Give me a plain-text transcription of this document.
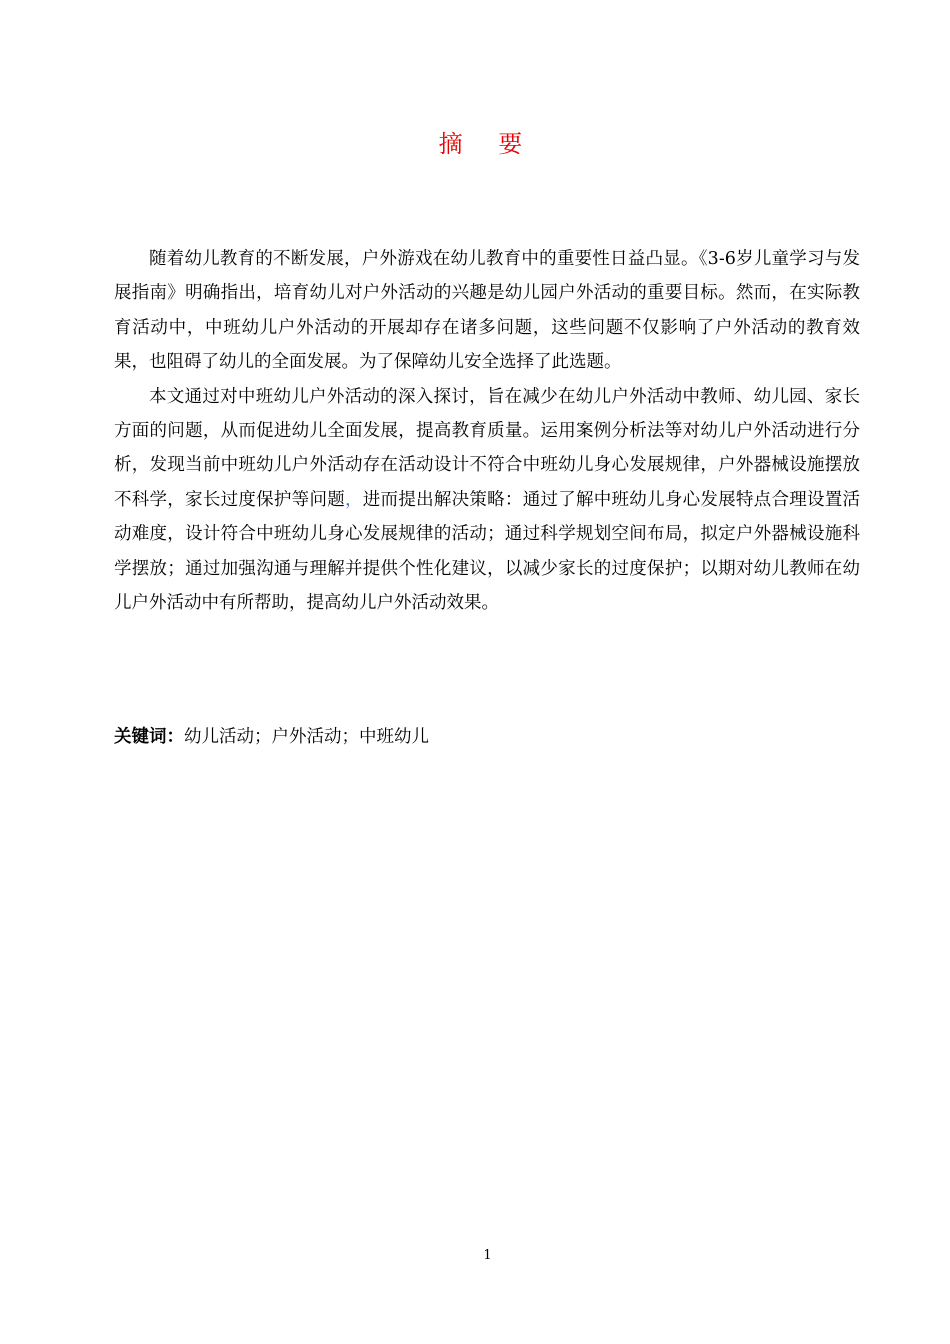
摘 要

随着幼儿教育的不断发展，户外游戏在幼儿教育中的重要性日益凸显。《3-6岁儿童学习与发展指南》明确指出，培育幼儿对户外活动的兴趣是幼儿园户外活动的重要目标。然而，在实际教育活动中，中班幼儿户外活动的开展却存在诸多问题，这些问题不仅影响了户外活动的教育效果，也阻碍了幼儿的全面发展。为了保障幼儿安全选择了此选题。

本文通过对中班幼儿户外活动的深入探讨，旨在减少在幼儿户外活动中教师、幼儿园、家长方面的问题，从而促进幼儿全面发展，提高教育质量。运用案例分析法等对幼儿户外活动进行分析，发现当前中班幼儿户外活动存在活动设计不符合中班幼儿身心发展规律，户外器械设施摆放不科学，家长过度保护等问题，进而提出解决策略：通过了解中班幼儿身心发展特点合理设置活动难度，设计符合中班幼儿身心发展规律的活动；通过科学规划空间布局，拟定户外器械设施科学摆放；通过加强沟通与理解并提供个性化建议，以减少家长的过度保护；以期对幼儿教师在幼儿户外活动中有所帮助，提高幼儿户外活动效果。

关键词：幼儿活动；户外活动；中班幼儿

1
